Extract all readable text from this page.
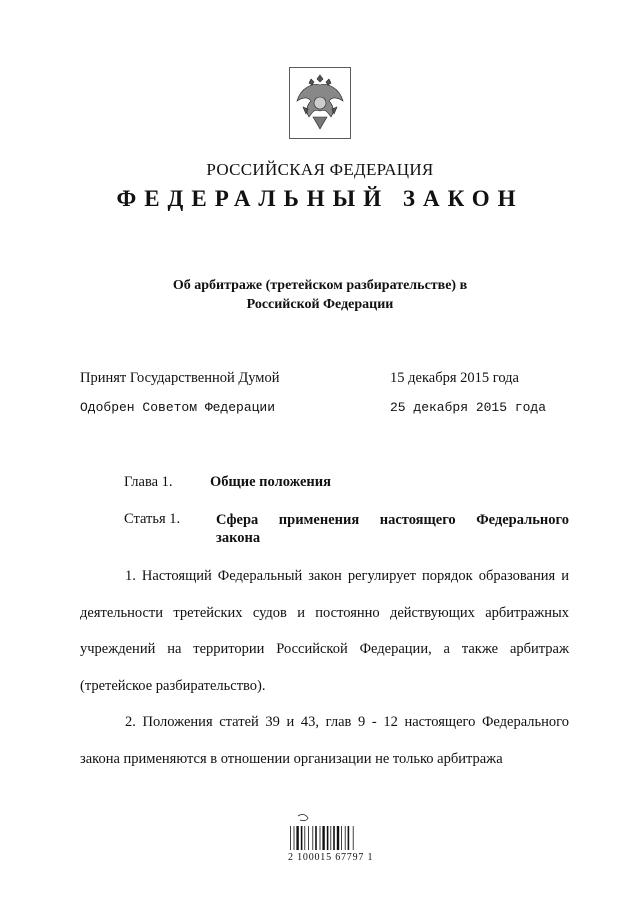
РОССИЙСКАЯ ФЕДЕРАЦИЯ
ФЕДЕРАЛЬНЫЙ ЗАКОН
Об арбитраже (третейском разбирательстве) в
Российской Федерации
Принят Государственной Думой	15 декабря 2015 года
Одобрен Советом Федерации	25 декабря 2015 года
Глава 1.	Общие положения
Статья 1. Сфера применения настоящего Федерального
закона

1. Настоящий Федеральный закон регулирует порядок образования и деятельности третейских судов и постоянно действующих арбитражных учреждений на территории Российской Федерации, а также арбитраж (третейское разбирательство).

2. Положения статей 39 и 43, глав 9 - 12 настоящего Федерального закона применяются в отношении организации не только арбитража

2 100015 67797 1
